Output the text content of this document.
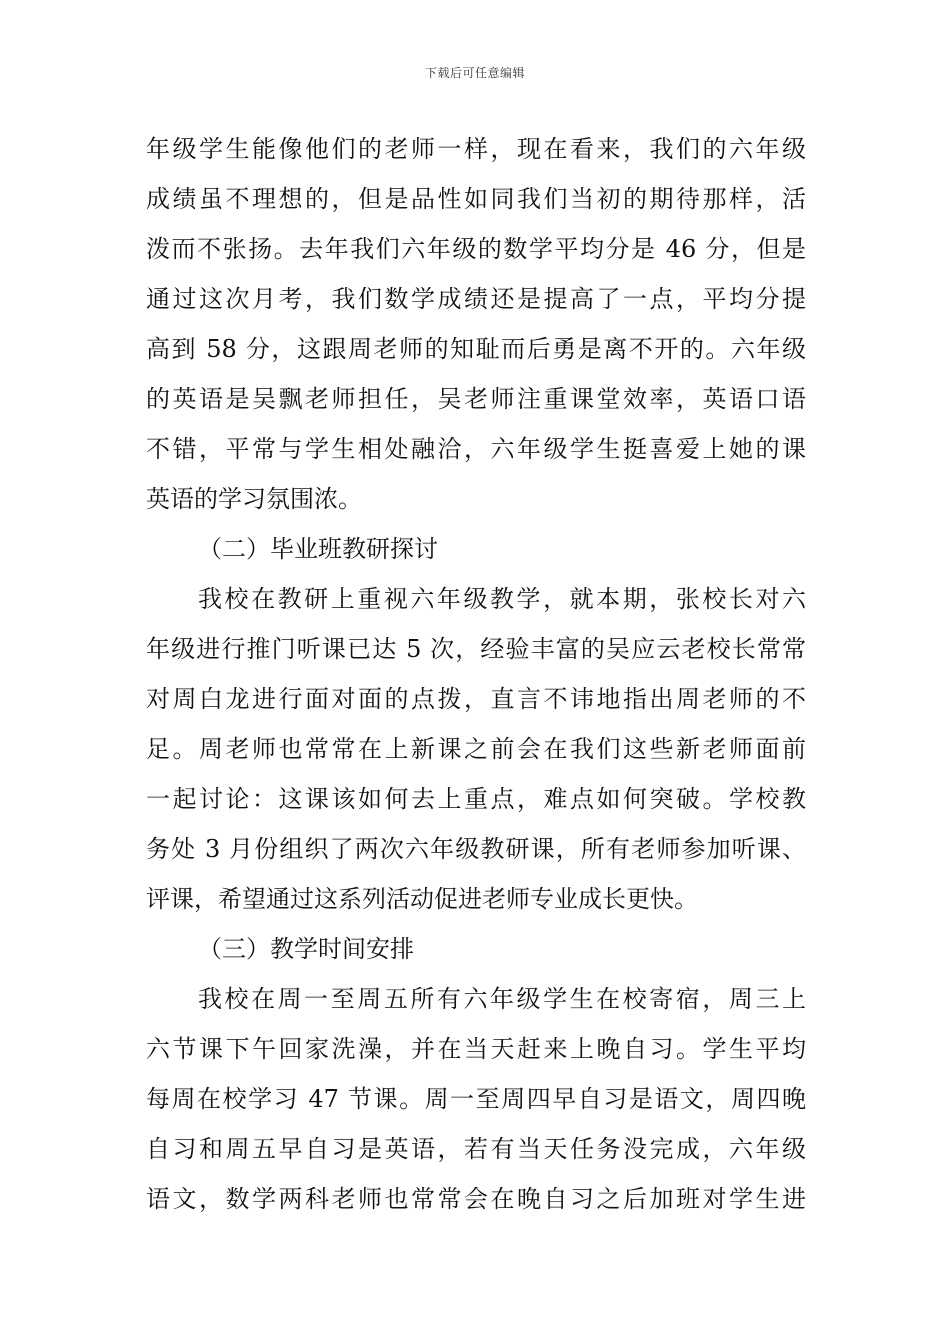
下载后可任意编辑
年级学生能像他们的老师一样，现在看来，我们的六年级
成绩虽不理想的，但是品性如同我们当初的期待那样，活
泼而不张扬。去年我们六年级的数学平均分是 46 分，但是
通过这次月考，我们数学成绩还是提高了一点，平均分提
高到 58 分，这跟周老师的知耻而后勇是离不开的。六年级
的英语是吴飘老师担任，吴老师注重课堂效率，英语口语
不错，平常与学生相处融洽，六年级学生挺喜爱上她的课
英语的学习氛围浓。
（二）毕业班教研探讨
我校在教研上重视六年级教学，就本期，张校长对六
年级进行推门听课已达 5 次，经验丰富的吴应云老校长常常
对周白龙进行面对面的点拨，直言不讳地指出周老师的不
足。周老师也常常在上新课之前会在我们这些新老师面前
一起讨论：这课该如何去上重点，难点如何突破。学校教
务处 3 月份组织了两次六年级教研课，所有老师参加听课、
评课，希望通过这系列活动促进老师专业成长更快。
（三）教学时间安排
我校在周一至周五所有六年级学生在校寄宿，周三上
六节课下午回家洗澡，并在当天赶来上晚自习。学生平均
每周在校学习 47 节课。周一至周四早自习是语文，周四晚
自习和周五早自习是英语，若有当天任务没完成，六年级
语文，数学两科老师也常常会在晚自习之后加班对学生进
